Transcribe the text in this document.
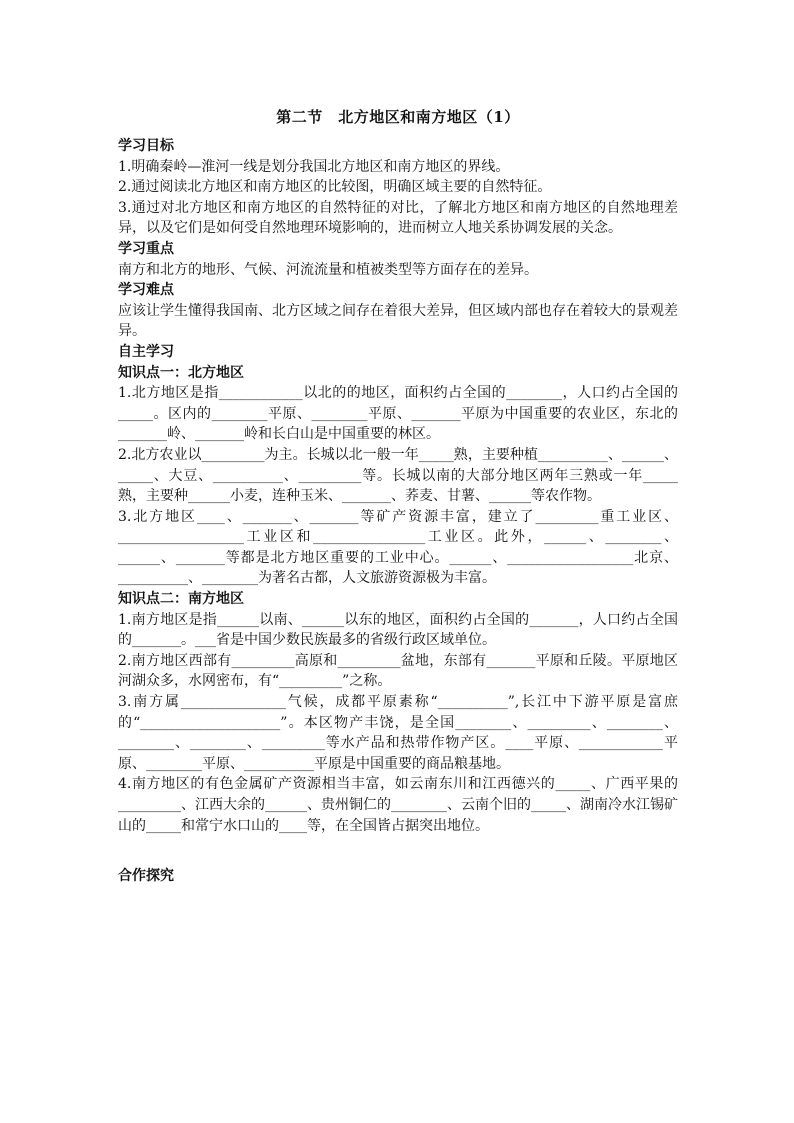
第二节　北方地区和南方地区（1）

学习目标

1.明确秦岭—淮河一线是划分我国北方地区和南方地区的界线。

2.通过阅读北方地区和南方地区的比较图，明确区域主要的自然特征。

3.通过对北方地区和南方地区的自然特征的对比，了解北方地区和南方地区的自然地理差异，以及它们是如何受自然地理环境影响的，进而树立人地关系协调发展的关念。

学习重点

南方和北方的地形、气候、河流流量和植被类型等方面存在的差异。

学习难点

应该让学生懂得我国南、北方区域之间存在着很大差异，但区域内部也存在着较大的景观差异。

自主学习

知识点一：北方地区

1.北方地区是指____________以北的的地区，面积约占全国的________，人口约占全国的_____。区内的________平原、________平原、_______平原为中国重要的农业区，东北的_______岭、_______岭和长白山是中国重要的林区。

2.北方农业以_________为主。长城以北一般一年_____熟，主要种植__________、______、_____、大豆、__________、_________等。长城以南的大部分地区两年三熟或一年_____熟，主要种______小麦，连种玉米、_______、荞麦、甘薯、______等农作物。

3.北方地区____、_______、_______等矿产资源丰富，建立了_________重工业区、__________________工业区和________________工业区。此外，______、________、______、_______等都是北方地区重要的工业中心。______、__________________北京、__________、________为著名古都，人文旅游资源极为丰富。

知识点二：南方地区

1.南方地区是指______以南、______以东的地区，面积约占全国的_______，人口约占全国的_______。___省是中国少数民族最多的省级行政区域单位。

2.南方地区西部有_________高原和_________盆地，东部有_______平原和丘陵。平原地区河湖众多，水网密布，有“_________”之称。

3.南方属_______________气候，成都平原素称“__________”,长江中下游平原是富庶的“____________________”。本区物产丰饶，是全国________、_________、________、________、________、_________等水产品和热带作物产区。____平原、____________平原、________平原、__________平原是中国重要的商品粮基地。

4.南方地区的有色金属矿产资源相当丰富，如云南东川和江西德兴的_____、广西平果的_________、江西大余的______、贵州铜仁的________、云南个旧的_____、湖南冷水江锡矿山的_____和常宁水口山的____等，在全国皆占据突出地位。

合作探究
